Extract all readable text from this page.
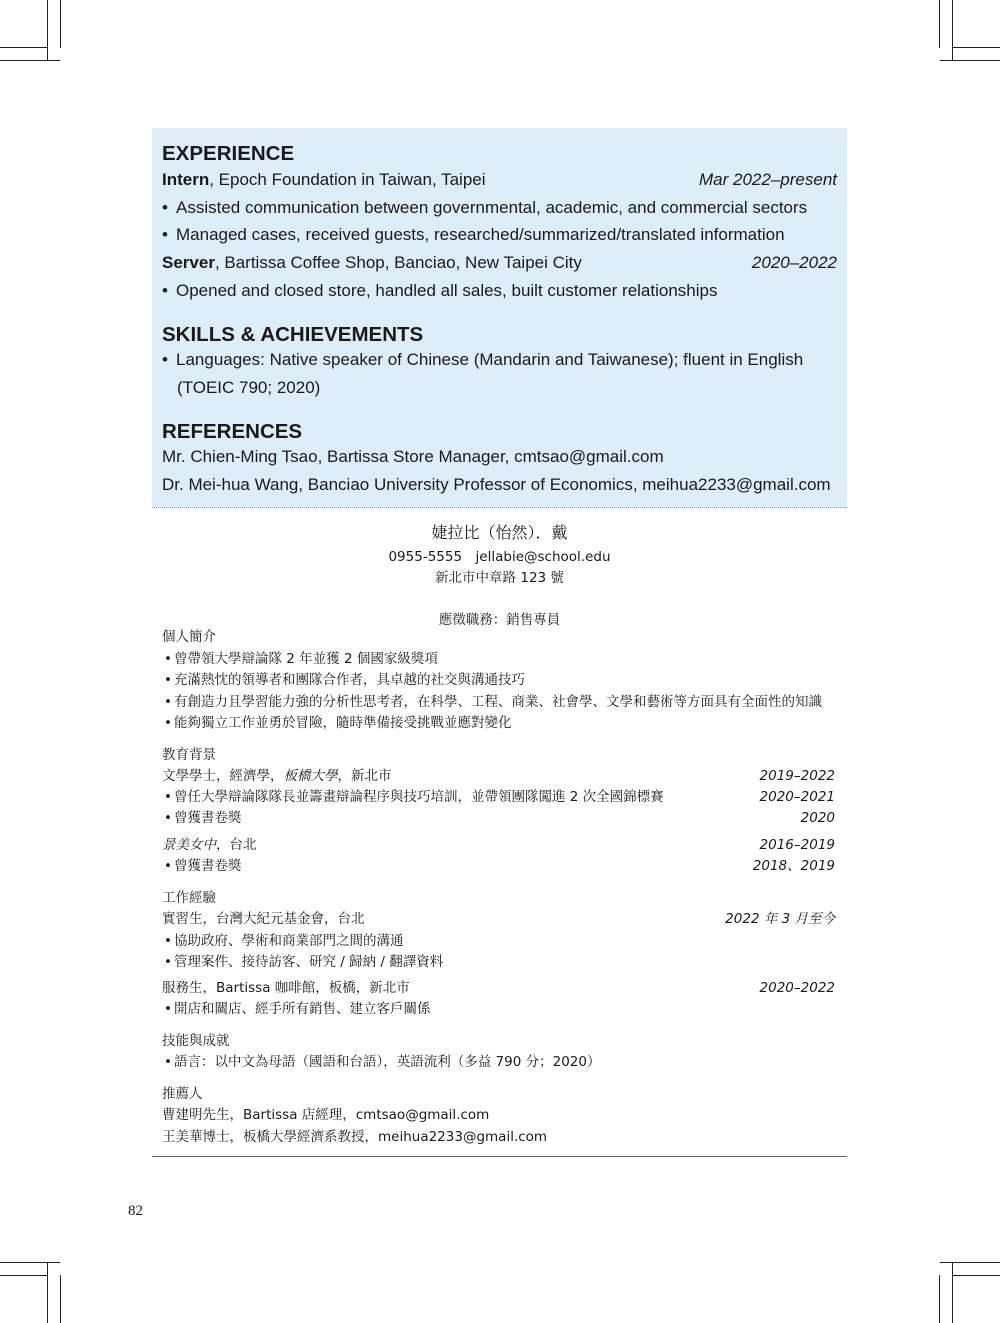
EXPERIENCE
Intern, Epoch Foundation in Taiwan, Taipei	Mar 2022–present
• Assisted communication between governmental, academic, and commercial sectors
• Managed cases, received guests, researched/summarized/translated information
Server, Bartissa Coffee Shop, Banciao, New Taipei City	2020–2022
• Opened and closed store, handled all sales, built customer relationships
SKILLS & ACHIEVEMENTS
• Languages: Native speaker of Chinese (Mandarin and Taiwanese); fluent in English
(TOEIC 790; 2020)
REFERENCES
Mr. Chien-Ming Tsao, Bartissa Store Manager, cmtsao@gmail.com
Dr. Mei-hua Wang, Banciao University Professor of Economics, meihua2233@gmail.com
婕拉比（怡然）．戴
0955-5555　jellabie@school.edu
新北市中章路 123 號
應徵職務：銷售專員
個人簡介
• 曾帶領大學辯論隊 2 年並獲 2 個國家級獎項
• 充滿熱忱的領導者和團隊合作者，具卓越的社交與溝通技巧
• 有創造力且學習能力強的分析性思考者，在科學、工程、商業、社會學、文學和藝術等方面具有全面性的知識
• 能夠獨立工作並勇於冒險，隨時準備接受挑戰並應對變化
教育背景
文學學士，經濟學，板橋大學，新北市	2019–2022
• 曾任大學辯論隊隊長並籌畫辯論程序與技巧培訓，並帶領團隊闖進 2 次全國錦標賽	2020–2021
• 曾獲書卷獎	2020
景美女中，台北	2016–2019
• 曾獲書卷獎	2018、2019
工作經驗
實習生，台灣大紀元基金會，台北	2022 年 3 月至今
• 協助政府、學術和商業部門之間的溝通
• 管理案件、接待訪客、研究 / 歸納 / 翻譯資料
服務生，Bartissa 咖啡館，板橋，新北市	2020–2022
• 開店和關店、經手所有銷售、建立客戶關係
技能與成就
• 語言：以中文為母語（國語和台語），英語流利（多益 790 分；2020）
推薦人
曹建明先生，Bartissa 店經理，cmtsao@gmail.com
王美華博士，板橋大學經濟系教授，meihua2233@gmail.com
82
